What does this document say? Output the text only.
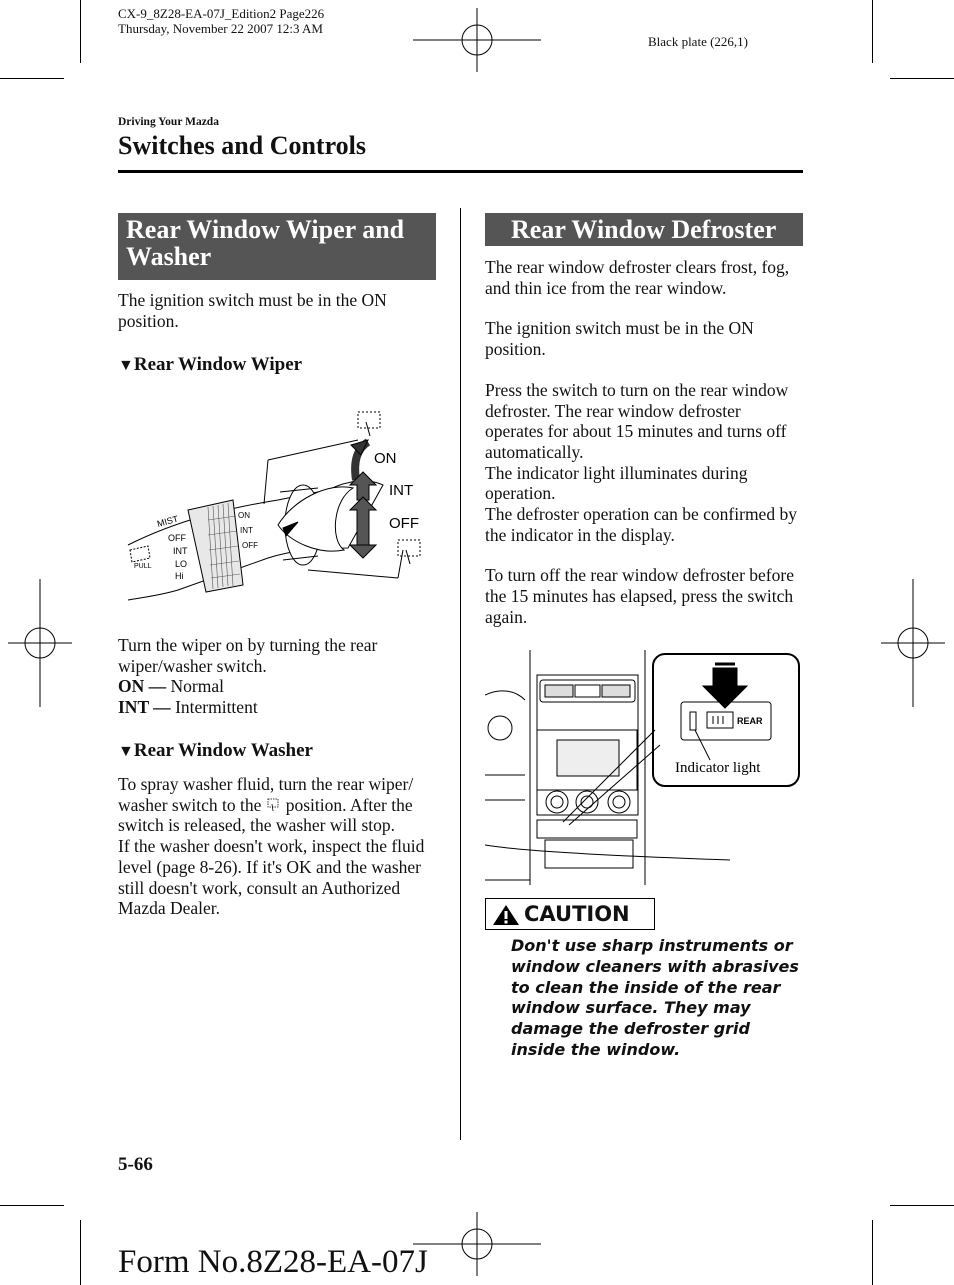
CX-9_8Z28-EA-07J_Edition2 Page226
Thursday, November 22 2007 12:3 AM
Black plate (226,1)
Driving Your Mazda
Switches and Controls
Rear Window Wiper and Washer

The ignition switch must be in the ON position.

▼Rear Window Wiper
ON
INT
OFF
MIST
OFF
INT
LO
Hi
PULL
ON
INT
OFF

Turn the wiper on by turning the rear wiper/washer switch.

ON — Normal

INT — Intermittent

▼Rear Window Washer

To spray washer fluid, turn the rear wiper/ washer switch to the position. After the switch is released, the washer will stop.

If the washer doesn't work, inspect the fluid level (page 8-26). If it's OK and the washer still doesn't work, consult an Authorized Mazda Dealer.

Rear Window Defroster

The rear window defroster clears frost, fog, and thin ice from the rear window.

The ignition switch must be in the ON position.

Press the switch to turn on the rear window defroster. The rear window defroster operates for about 15 minutes and turns off automatically.

The indicator light illuminates during operation.

The defroster operation can be confirmed by the indicator in the display.

To turn off the rear window defroster before the 15 minutes has elapsed, press the switch again.

REAR
Indicator light
CAUTION

Don't use sharp instruments or window cleaners with abrasives to clean the inside of the rear window surface. They may damage the defroster grid inside the window.

5-66
Form No.8Z28-EA-07J
